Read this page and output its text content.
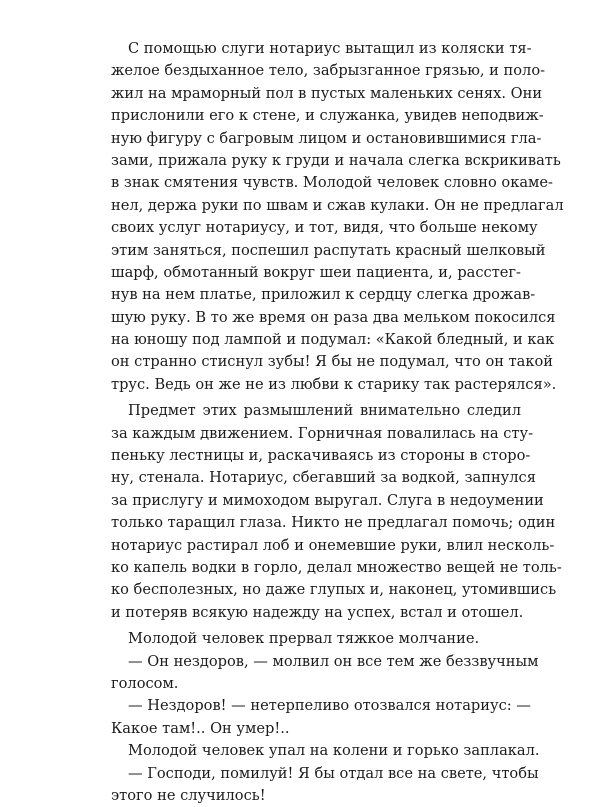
С помощью слуги нотариус вытащил из коляски тя-
желое бездыханное тело, забрызганное грязью, и поло-
жил на мраморный пол в пустых маленьких сенях. Они
прислонили его к стене, и служанка, увидев неподвиж-
ную фигуру с багровым лицом и остановившимися гла-
зами, прижала руку к груди и начала слегка вскрикивать
в знак смятения чувств. Молодой человек словно окаме-
нел, держа руки по швам и сжав кулаки. Он не предлагал
своих услуг нотариусу, и тот, видя, что больше некому
этим заняться, поспешил распутать красный шелковый
шарф, обмотанный вокруг шеи пациента, и, расстег-
нув на нем платье, приложил к сердцу слегка дрожав-
шую руку. В то же время он раза два мельком покосился
на юношу под лампой и подумал: «Какой бледный, и как
он странно стиснул зубы! Я бы не подумал, что он такой
трус. Ведь он же не из любви к старику так растерялся».
Предмет этих размышлений внимательно следил
за каждым движением. Горничная повалилась на сту-
пеньку лестницы и, раскачиваясь из стороны в сторо-
ну, стенала. Нотариус, сбегавший за водкой, запнулся
за прислугу и мимоходом выругал. Слуга в недоумении
только таращил глаза. Никто не предлагал помочь; один
нотариус растирал лоб и онемевшие руки, влил несколь-
ко капель водки в горло, делал множество вещей не толь-
ко бесполезных, но даже глупых и, наконец, утомившись
и потеряв всякую надежду на успех, встал и отошел.
Молодой человек прервал тяжкое молчание.
— Он нездоров, — молвил он все тем же беззвучным
голосом.
— Нездоров! — нетерпеливо отозвался нотариус: —
Какое там!.. Он умер!..
Молодой человек упал на колени и горько заплакал.
— Господи, помилуй! Я бы отдал все на свете, чтобы
этого не случилось!
